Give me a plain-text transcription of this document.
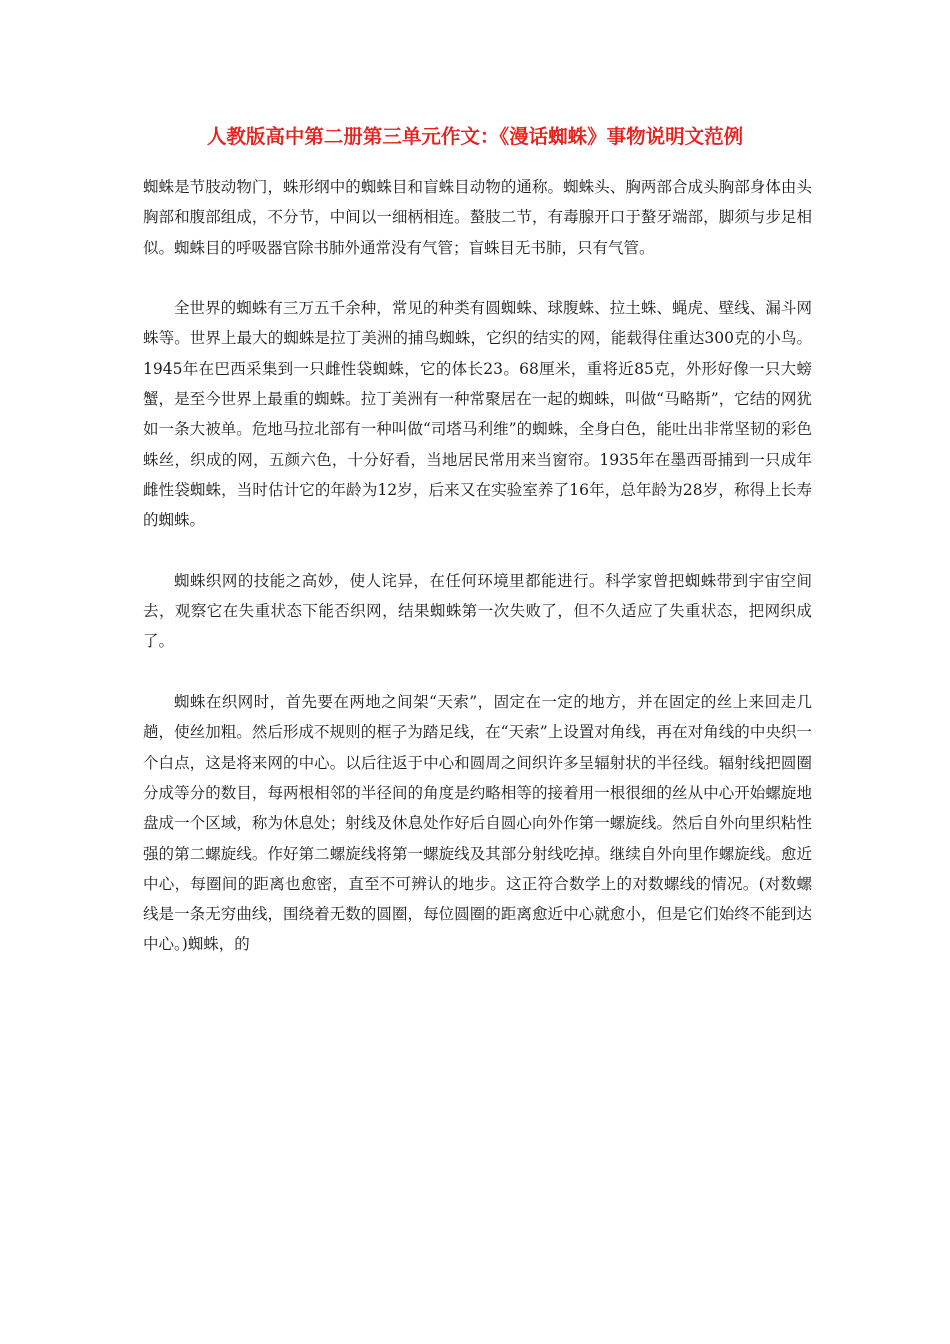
人教版高中第二册第三单元作文：《漫话蜘蛛》事物说明文范例

蜘蛛是节肢动物门，蛛形纲中的蜘蛛目和盲蛛目动物的通称。蜘蛛头、胸两部合成头胸部身体由头胸部和腹部组成，不分节，中间以一细柄相连。螯肢二节，有毒腺开口于螯牙端部，脚须与步足相似。蜘蛛目的呼吸器官除书肺外通常没有气管；盲蛛目无书肺，只有气管。

全世界的蜘蛛有三万五千余种，常见的种类有圆蜘蛛、球腹蛛、拉土蛛、蝇虎、壁线、漏斗网蛛等。世界上最大的蜘蛛是拉丁美洲的捕鸟蜘蛛，它织的结实的网，能载得住重达300克的小鸟。1945年在巴西采集到一只雌性袋蜘蛛，它的体长23。68厘米，重将近85克，外形好像一只大螃蟹，是至今世界上最重的蜘蛛。拉丁美洲有一种常聚居在一起的蜘蛛，叫做“马略斯”，它结的网犹如一条大被单。危地马拉北部有一种叫做“司塔马利维”的蜘蛛，全身白色，能吐出非常坚韧的彩色蛛丝，织成的网，五颜六色，十分好看，当地居民常用来当窗帘。1935年在墨西哥捕到一只成年雌性袋蜘蛛，当时估计它的年龄为12岁，后来又在实验室养了16年，总年龄为28岁，称得上长寿的蜘蛛。

蜘蛛织网的技能之高妙，使人诧异，在任何环境里都能进行。科学家曾把蜘蛛带到宇宙空间去，观察它在失重状态下能否织网，结果蜘蛛第一次失败了，但不久适应了失重状态，把网织成了。

蜘蛛在织网时，首先要在两地之间架“天索”，固定在一定的地方，并在固定的丝上来回走几趟，使丝加粗。然后形成不规则的框子为踏足线，在“天索”上设置对角线，再在对角线的中央织一个白点，这是将来网的中心。以后往返于中心和圆周之间织许多呈辐射状的半径线。辐射线把圆圈分成等分的数目，每两根相邻的半径间的角度是约略相等的接着用一根很细的丝从中心开始螺旋地盘成一个区域，称为休息处；射线及休息处作好后自圆心向外作第一螺旋线。然后自外向里织粘性强的第二螺旋线。作好第二螺旋线将第一螺旋线及其部分射线吃掉。继续自外向里作螺旋线。愈近中心，每圈间的距离也愈密，直至不可辨认的地步。这正符合数学上的对数螺线的情况。(对数螺线是一条无穷曲线，围绕着无数的圆圈，每位圆圈的距离愈近中心就愈小，但是它们始终不能到达中心。)蜘蛛，的
